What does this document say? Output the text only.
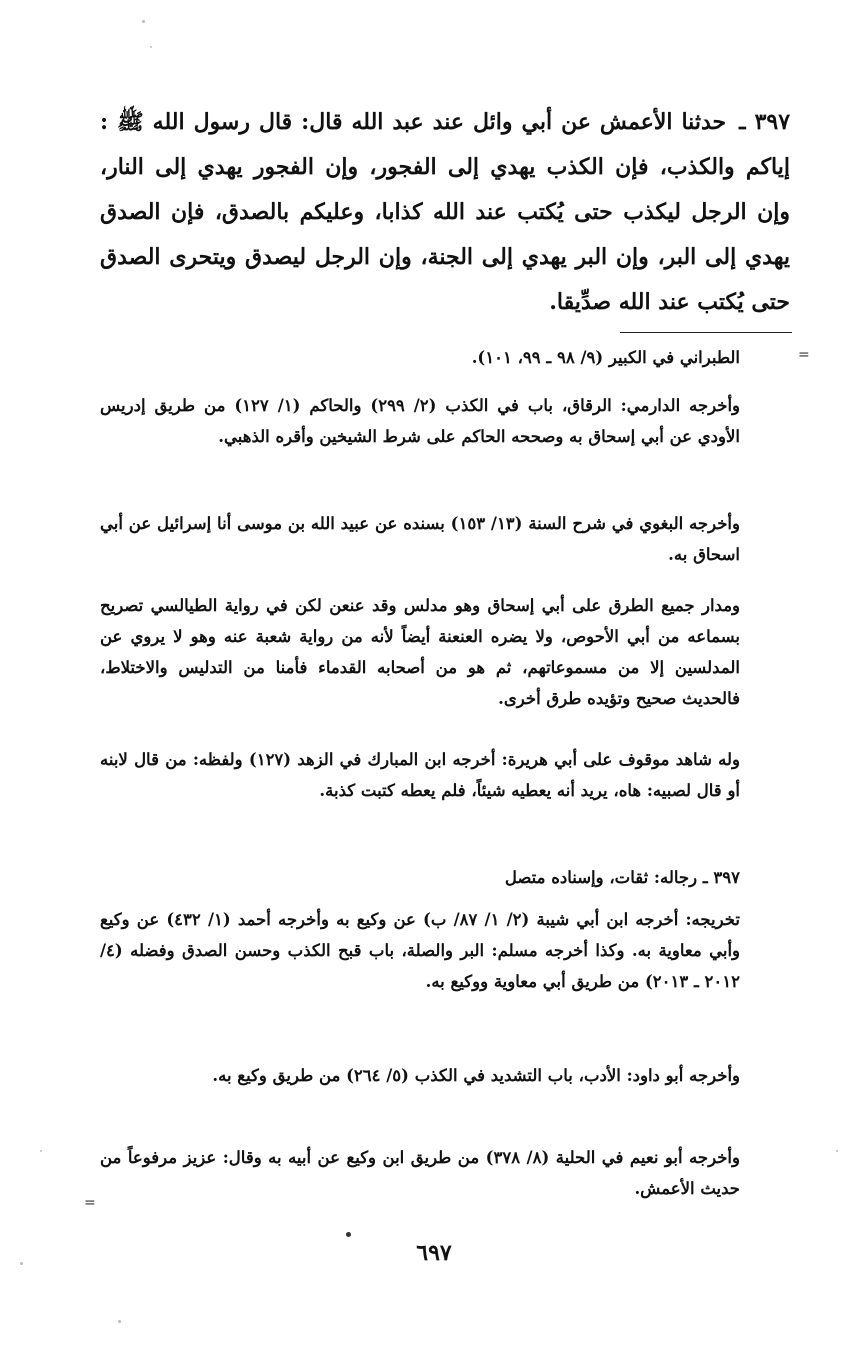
٣٩٧ ـ حدثنا الأعمش عن أبي وائل عند عبد الله قال: قال رسول الله ﷺ : إياكم والكذب، فإن الكذب يهدي إلى الفجور، وإن الفجور يهدي إلى النار، وإن الرجل ليكذب حتى يُكتب عند الله كذابا، وعليكم بالصدق، فإن الصدق يهدي إلى البر، وإن البر يهدي إلى الجنة، وإن الرجل ليصدق ويتحرى الصدق حتى يُكتب عند الله صدِّيقا.
=
الطبراني في الكبير (٩/ ٩٨ ـ ٩٩، ١٠١).
وأخرجه الدارمي: الرقاق، باب في الكذب (٢/ ٢٩٩) والحاكم (١/ ١٢٧) من طريق إدريس الأودي عن أبي إسحاق به وصححه الحاكم على شرط الشيخين وأقره الذهبي.
وأخرجه البغوي في شرح السنة (١٣/ ١٥٣) بسنده عن عبيد الله بن موسى أنا إسرائيل عن أبي اسحاق به.
ومدار جميع الطرق على أبي إسحاق وهو مدلس وقد عنعن لكن في رواية الطيالسي تصريح بسماعه من أبي الأحوص، ولا يضره العنعنة أيضاً لأنه من رواية شعبة عنه وهو لا يروي عن المدلسين إلا من مسموعاتهم، ثم هو من أصحابه القدماء فأمنا من التدليس والاختلاط، فالحديث صحيح وتؤيده طرق أخرى.
وله شاهد موقوف على أبي هريرة: أخرجه ابن المبارك في الزهد (١٢٧) ولفظه: من قال لابنه أو قال لصبيه: هاه، يريد أنه يعطيه شيئاً، فلم يعطه كتبت كذبة.
٣٩٧ ـ رجاله: ثقات، وإسناده متصل
تخريجه: أخرجه ابن أبي شيبة (٢/ ١/ ٨٧/ ب) عن وكيع به وأخرجه أحمد (١/ ٤٣٢) عن وكيع وأبي معاوية به. وكذا أخرجه مسلم: البر والصلة، باب قبح الكذب وحسن الصدق وفضله (٤/ ٢٠١٢ ـ ٢٠١٣) من طريق أبي معاوية ووكيع به.
وأخرجه أبو داود: الأدب، باب التشديد في الكذب (٥/ ٢٦٤) من طريق وكيع به.
وأخرجه أبو نعيم في الحلية (٨/ ٣٧٨) من طريق ابن وكيع عن أبيه به وقال: عزيز مرفوعاً من حديث الأعمش.
=
٦٩٧
